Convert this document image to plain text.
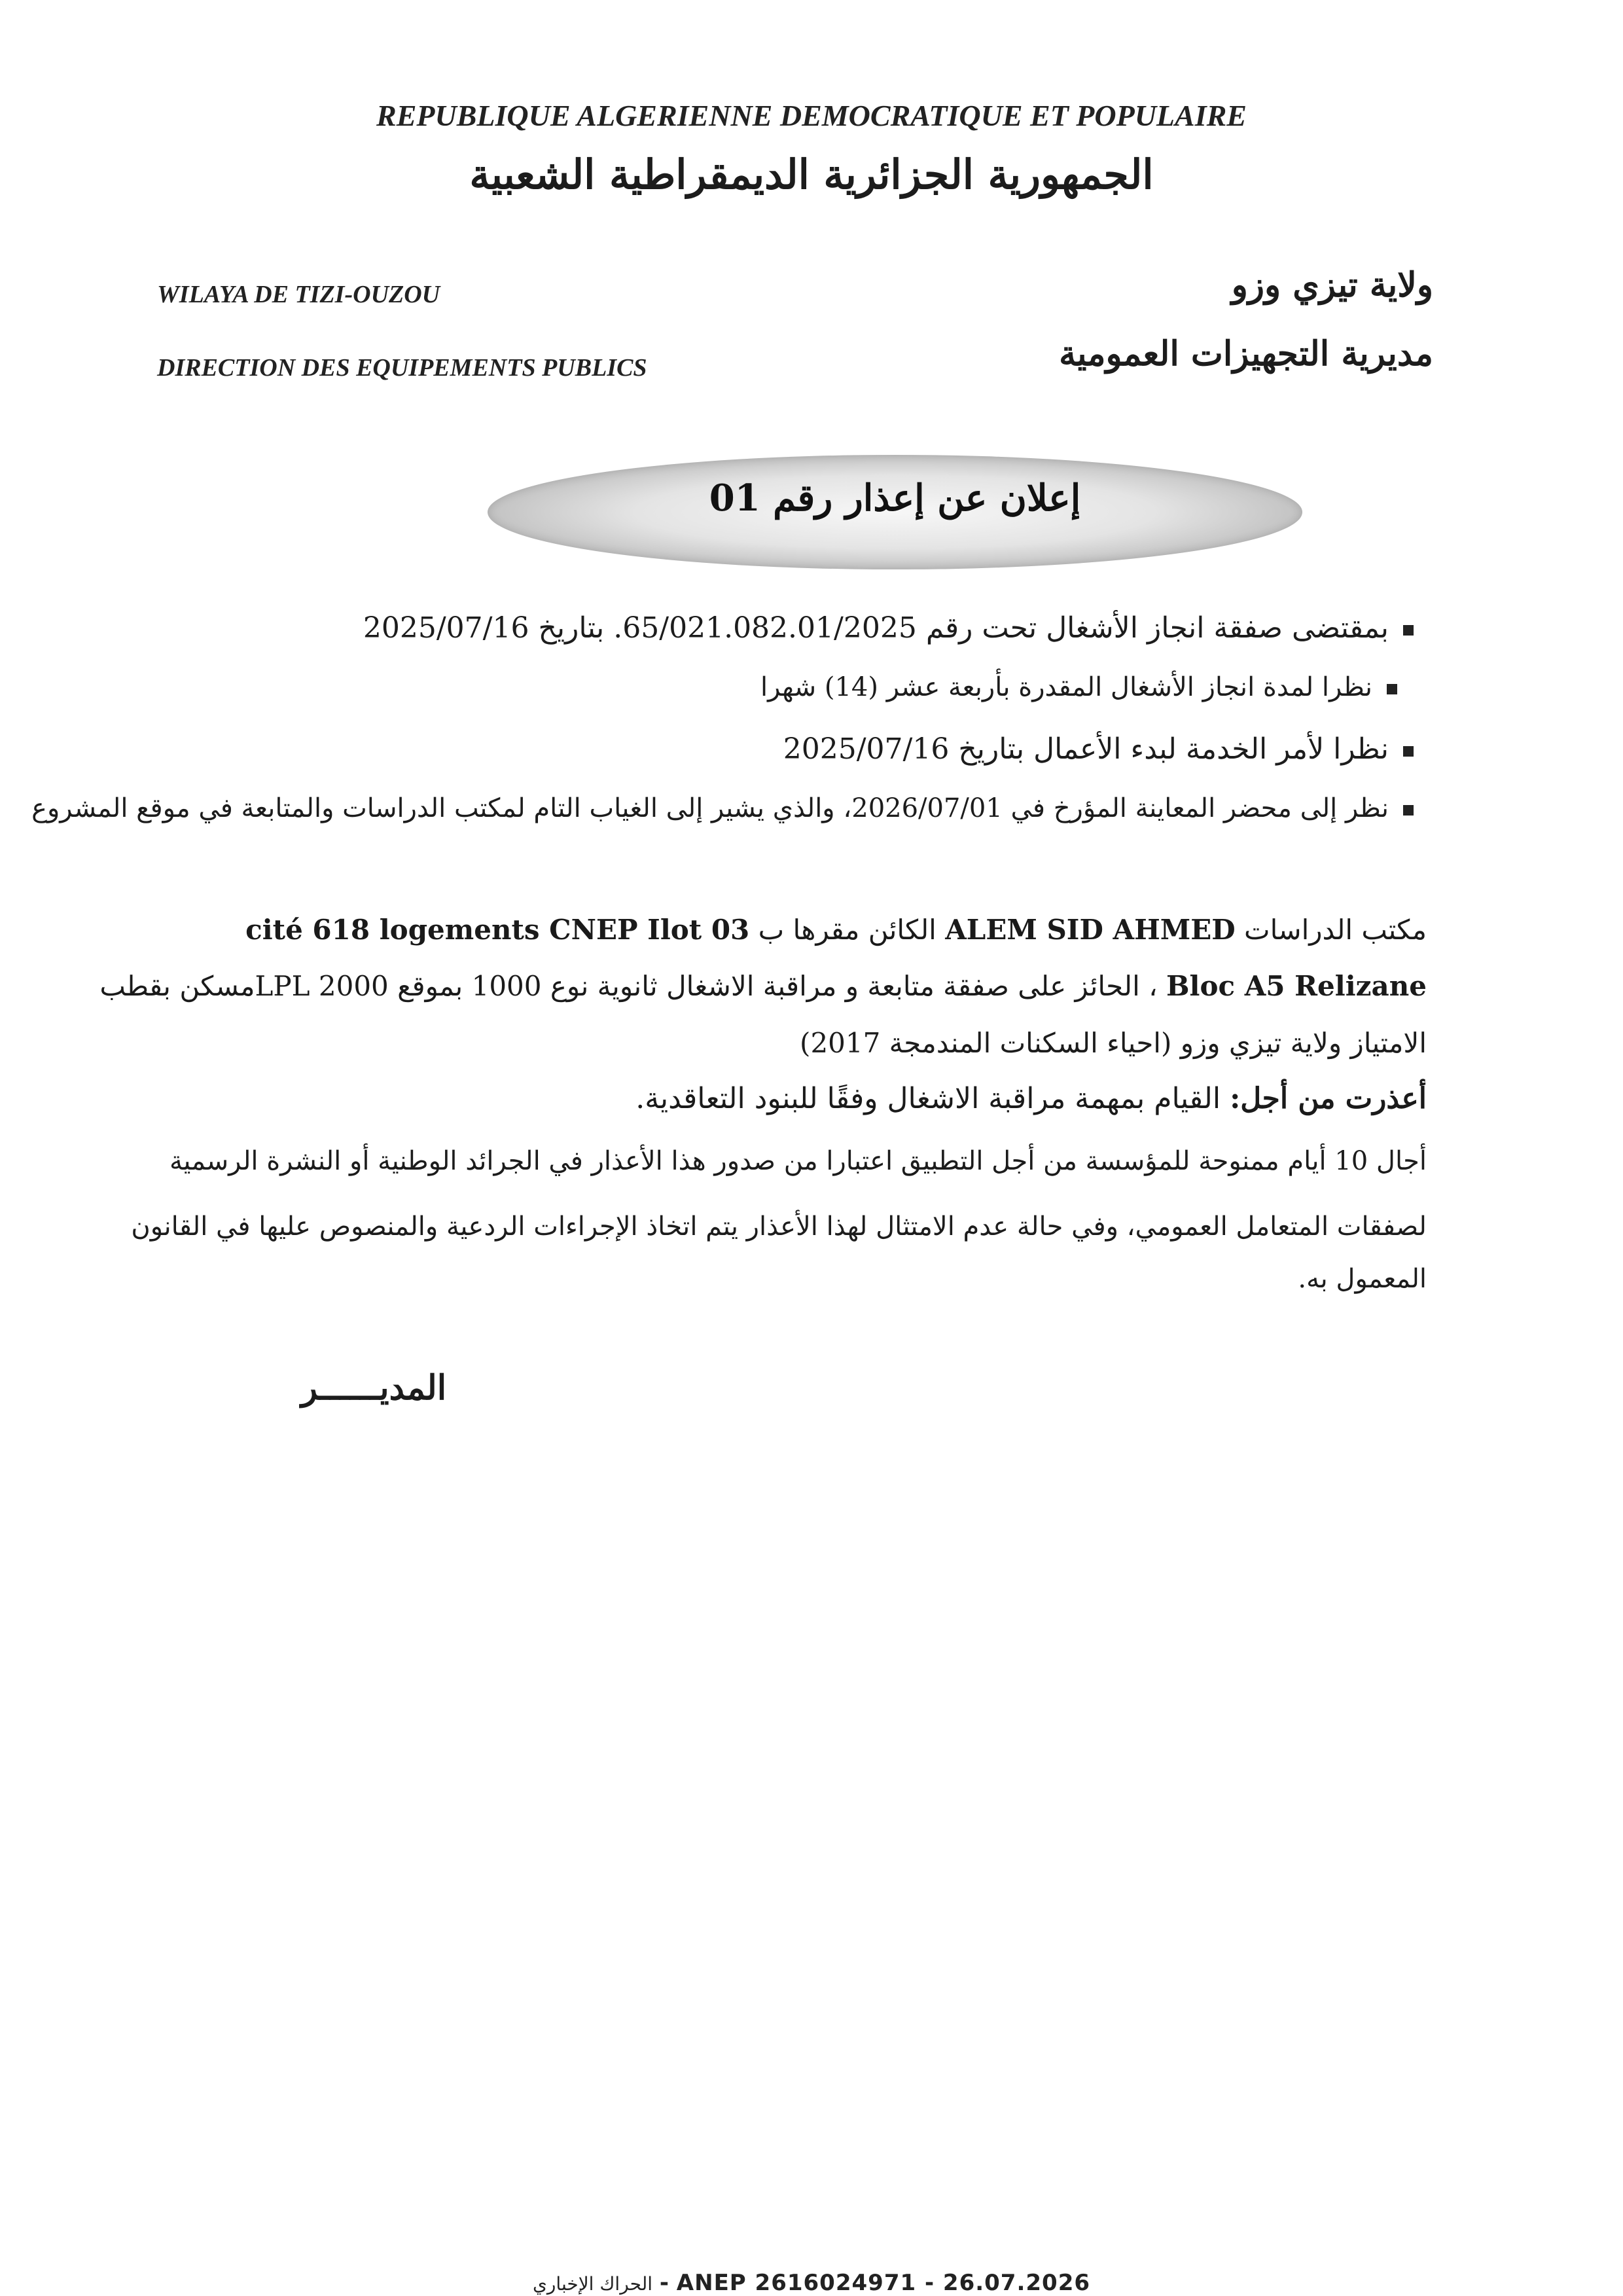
REPUBLIQUE ALGERIENNE DEMOCRATIQUE ET POPULAIRE
الجمهورية الجزائرية الديمقراطية الشعبية
WILAYA DE TIZI-OUZOU
DIRECTION DES EQUIPEMENTS PUBLICS
ولاية تيزي وزو
مديرية التجهيزات العمومية
إعلان عن إعذار رقم 01
بمقتضى صفقة انجاز الأشغال تحت رقم 65/021.082.01/2025. بتاريخ 2025/07/16
نظرا لمدة انجاز الأشغال المقدرة بأربعة عشر (14) شهرا
نظرا لأمر الخدمة لبدء الأعمال بتاريخ 2025/07/16
نظر إلى محضر المعاينة المؤرخ في 2026/07/01، والذي يشير إلى الغياب التام لمكتب الدراسات والمتابعة في موقع المشروع
مكتب الدراسات ALEM SID AHMED الكائن مقرها ب cité 618 logements CNEP Ilot 03
Bloc A5 Relizane ، الحائز على صفقة متابعة و مراقبة الاشغال ثانوية نوع 1000 بموقع 2000 LPLمسكن بقطب
الامتياز ولاية تيزي وزو (احياء السكنات المندمجة 2017)
أعذرت من أجل: القيام بمهمة مراقبة الاشغال وفقًا للبنود التعاقدية.
أجال 10 أيام ممنوحة للمؤسسة من أجل التطبيق اعتبارا من صدور هذا الأعذار في الجرائد الوطنية أو النشرة الرسمية
لصفقات المتعامل العمومي، وفي حالة عدم الامتثال لهذا الأعذار يتم اتخاذ الإجراءات الردعية والمنصوص عليها في القانون
المعمول به.
المديــــــر
الحراك الإخباري - ANEP 2616024971 - 26.07.2026
